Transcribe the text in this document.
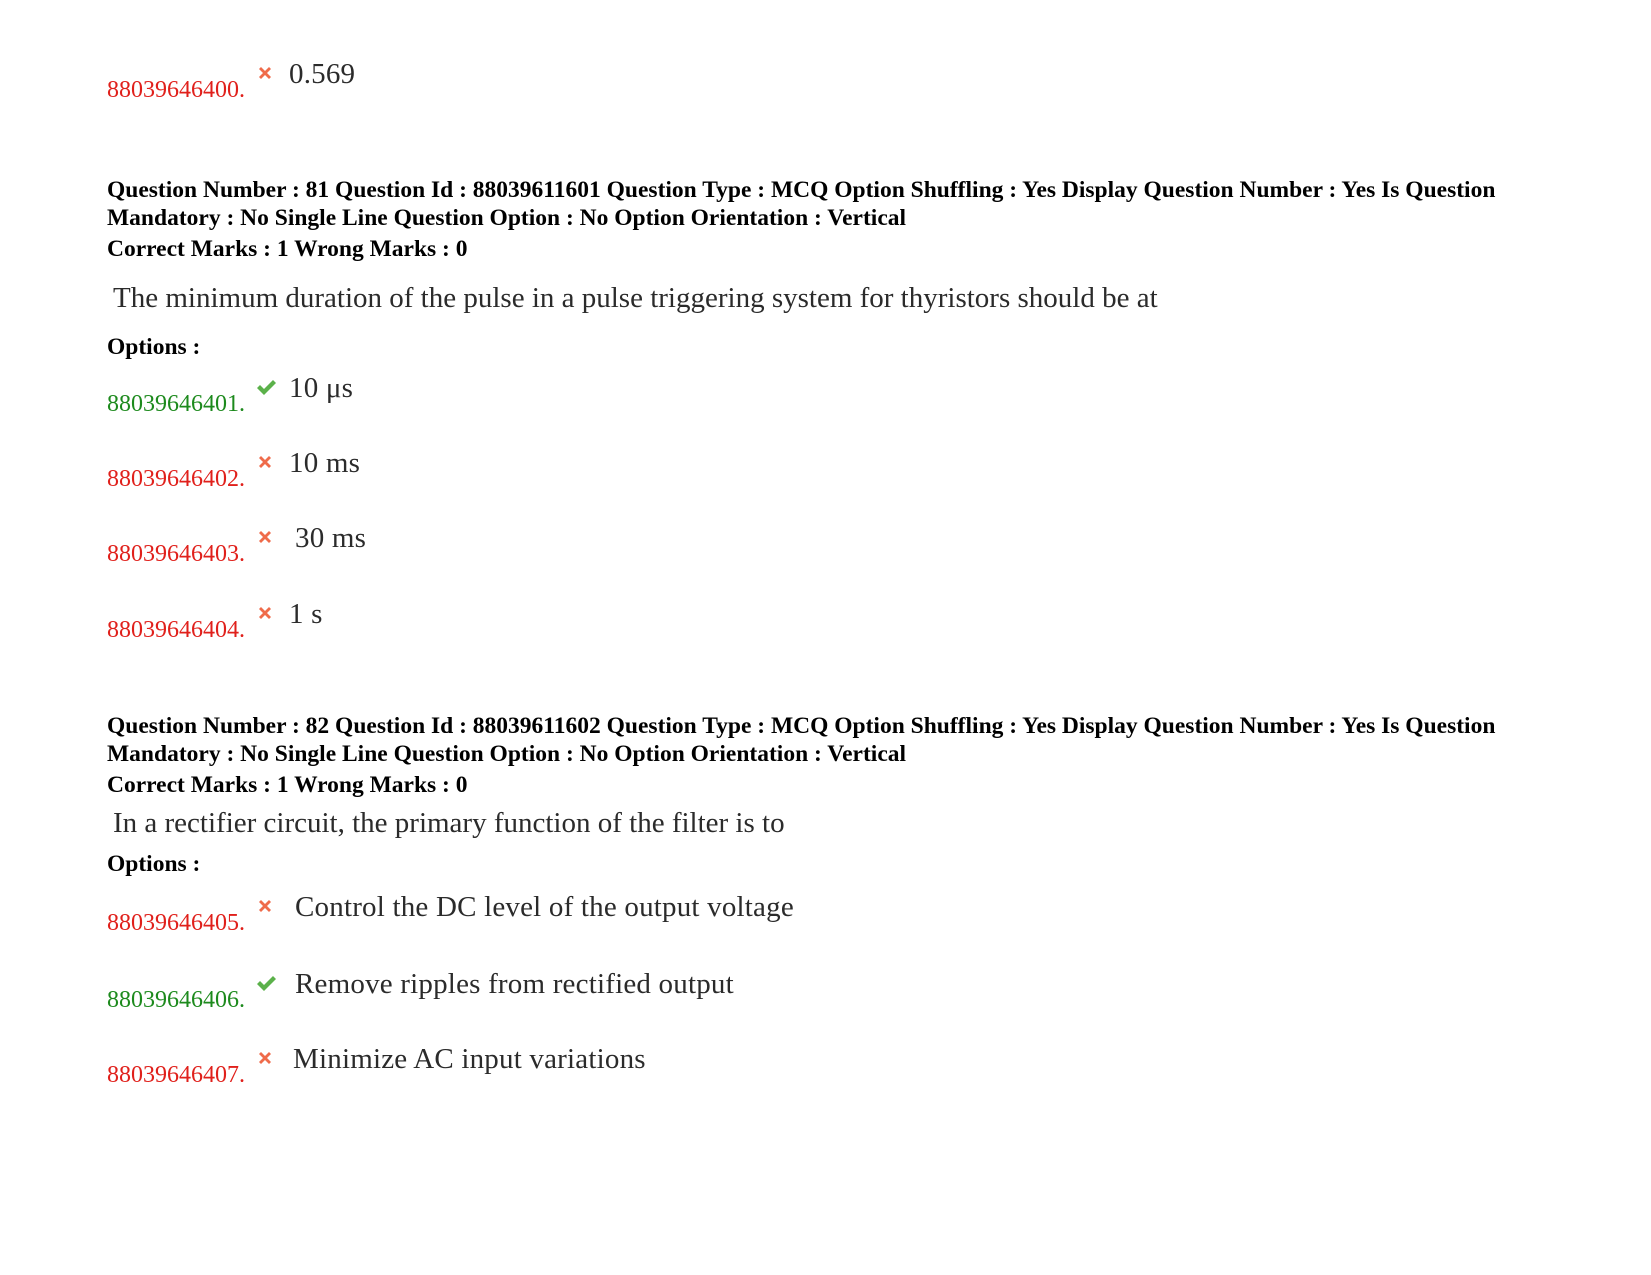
88039646400. 0.569
Question Number : 81 Question Id : 88039611601 Question Type : MCQ Option Shuffling : Yes Display Question Number : Yes Is Question Mandatory : No Single Line Question Option : No Option Orientation : Vertical
Correct Marks : 1 Wrong Marks : 0
The minimum duration of the pulse in a pulse triggering system for thyristors should be at
Options :
88039646401. 10 μs
88039646402. 10 ms
88039646403. 30 ms
88039646404. 1 s
Question Number : 82 Question Id : 88039611602 Question Type : MCQ Option Shuffling : Yes Display Question Number : Yes Is Question Mandatory : No Single Line Question Option : No Option Orientation : Vertical
Correct Marks : 1 Wrong Marks : 0
In a rectifier circuit, the primary function of the filter is to
Options :
88039646405. Control the DC level of the output voltage
88039646406. Remove ripples from rectified output
88039646407. Minimize AC input variations
